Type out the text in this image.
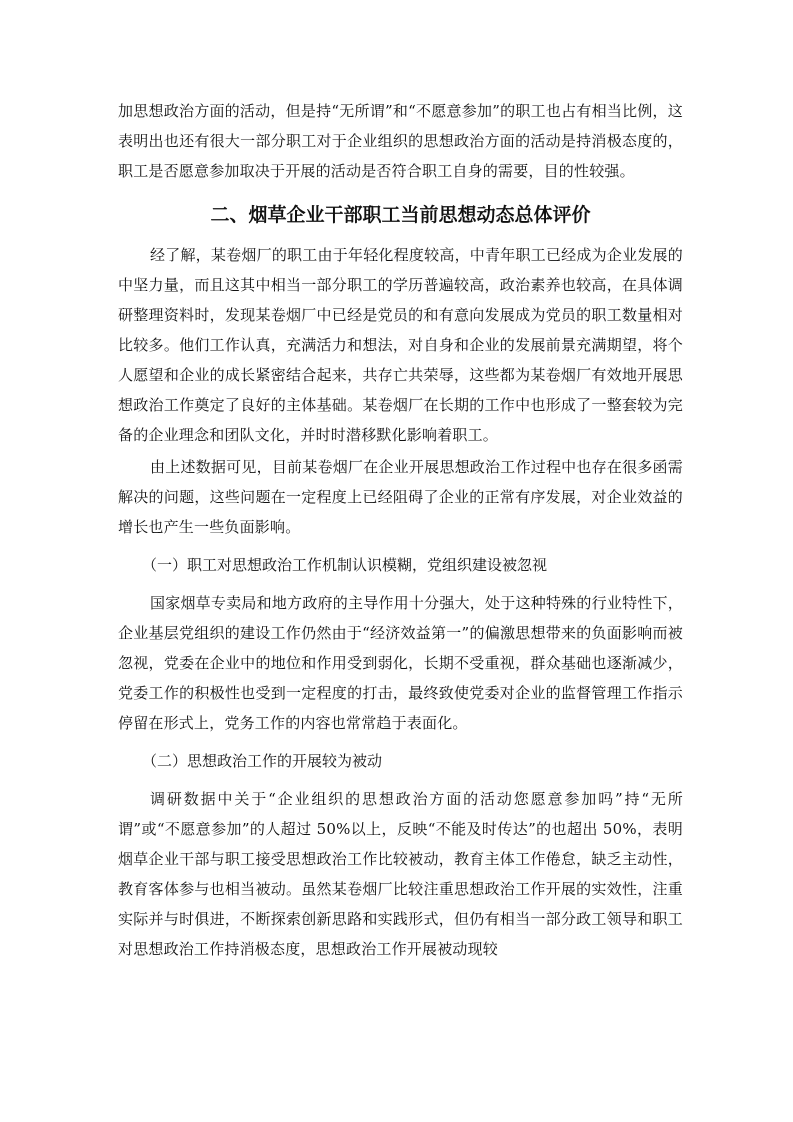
加思想政治方面的活动，但是持“无所谓”和“不愿意参加”的职工也占有相当比例，这表明出也还有很大一部分职工对于企业组织的思想政治方面的活动是持消极态度的，职工是否愿意参加取决于开展的活动是否符合职工自身的需要，目的性较强。

二、烟草企业干部职工当前思想动态总体评价

经了解，某卷烟厂的职工由于年轻化程度较高，中青年职工已经成为企业发展的中坚力量，而且这其中相当一部分职工的学历普遍较高，政治素养也较高，在具体调研整理资料时，发现某卷烟厂中已经是党员的和有意向发展成为党员的职工数量相对比较多。他们工作认真，充满活力和想法，对自身和企业的发展前景充满期望，将个人愿望和企业的成长紧密结合起来，共存亡共荣辱，这些都为某卷烟厂有效地开展思想政治工作奠定了良好的主体基础。某卷烟厂在长期的工作中也形成了一整套较为完备的企业理念和团队文化，并时时潜移默化影响着职工。

由上述数据可见，目前某卷烟厂在企业开展思想政治工作过程中也存在很多函需解决的问题，这些问题在一定程度上已经阻碍了企业的正常有序发展，对企业效益的增长也产生一些负面影响。

（一）职工对思想政治工作机制认识模糊，党组织建设被忽视

国家烟草专卖局和地方政府的主导作用十分强大，处于这种特殊的行业特性下，企业基层党组织的建设工作仍然由于“经济效益第一”的偏激思想带来的负面影响而被忽视，党委在企业中的地位和作用受到弱化，长期不受重视，群众基础也逐渐减少，党委工作的积极性也受到一定程度的打击，最终致使党委对企业的监督管理工作指示停留在形式上，党务工作的内容也常常趋于表面化。

（二）思想政治工作的开展较为被动

调研数据中关于“企业组织的思想政治方面的活动您愿意参加吗”持“无所谓”或“不愿意参加”的人超过 50%以上，反映“不能及时传达”的也超出 50%，表明烟草企业干部与职工接受思想政治工作比较被动，教育主体工作倦怠，缺乏主动性，教育客体参与也相当被动。虽然某卷烟厂比较注重思想政治工作开展的实效性，注重实际并与时俱进，不断探索创新思路和实践形式，但仍有相当一部分政工领导和职工对思想政治工作持消极态度，思想政治工作开展被动现较
